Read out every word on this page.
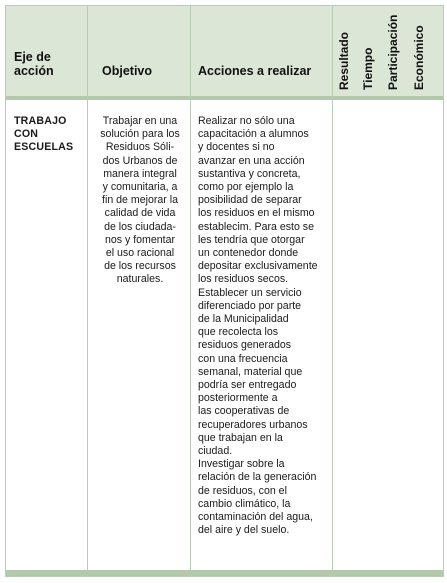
Eje de
acción	Objetivo	Acciones a realizar Resultado Tiempo Participación Económico
TRABAJO
CON
ESCUELAS
Trabajar en una
solución para los
Residuos Sóli-
dos Urbanos de
manera integral
y comunitaria, a
fin de mejorar la
calidad de vida
de los ciudada-
nos y fomentar
el uso racional
de los recursos
naturales.
Realizar no sólo una
capacitación a alumnos
y docentes si no
avanzar en una acción
sustantiva y concreta,
como por ejemplo la
posibilidad de separar
los residuos en el mismo
establecim. Para esto se
les tendría que otorgar
un contenedor donde
depositar exclusivamente
los residuos secos.
Establecer un servicio
diferenciado por parte
de la Municipalidad
que recolecta los
residuos generados
con una frecuencia
semanal, material que
podría ser entregado
posteriormente a
las cooperativas de
recuperadores urbanos
que trabajan en la
ciudad.
Investigar sobre la
relación de la generación
de residuos, con el
cambio climático, la
contaminación del agua,
del aire y del suelo.
